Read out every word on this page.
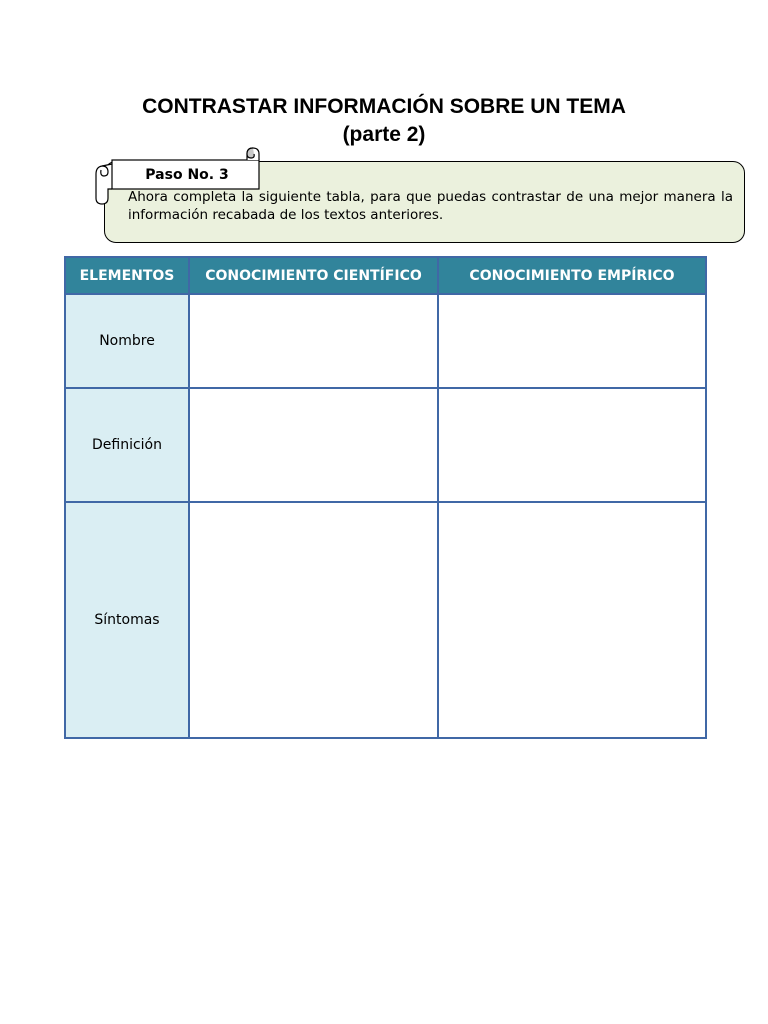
CONTRASTAR INFORMACIÓN SOBRE UN TEMA
(parte 2)
Paso No. 3

Ahora completa la siguiente tabla, para que puedas contrastar de una mejor manera la información recabada de los textos anteriores.

ELEMENTOS	CONOCIMIENTO CIENTÍFICO	CONOCIMIENTO EMPÍRICO
Nombre		
Definición		
Síntomas		
